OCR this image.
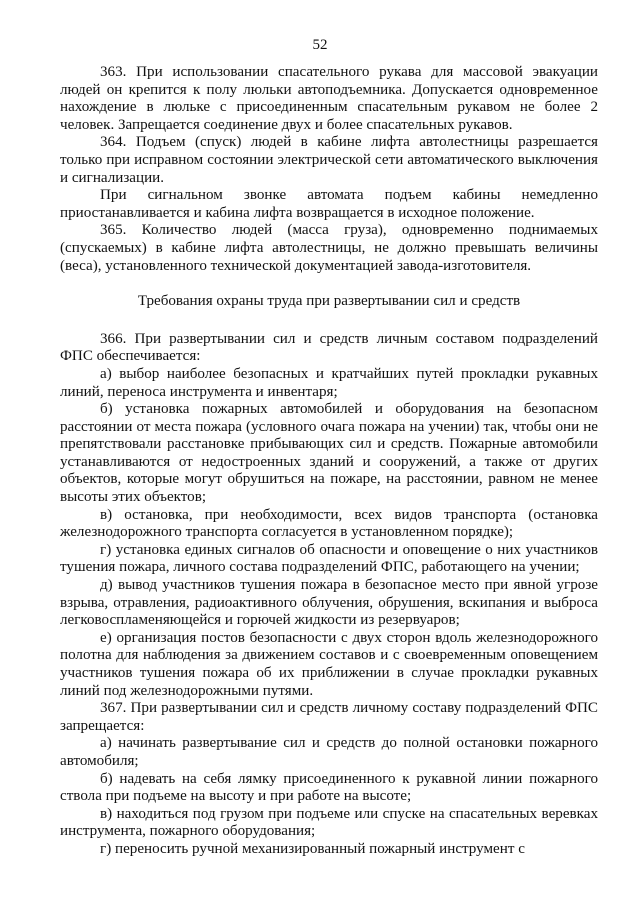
52

363. При использовании спасательного рукава для массовой эвакуации людей он крепится к полу люльки автоподъемника. Допускается одновременное нахождение в люльке с присоединенным спасательным рукавом не более 2 человек. Запрещается соединение двух и более спасательных рукавов.

364. Подъем (спуск) людей в кабине лифта автолестницы разрешается только при исправном состоянии электрической сети автоматического выключения и сигнализации.

При сигнальном звонке автомата подъем кабины немедленно приостанавливается и кабина лифта возвращается в исходное положение.

365. Количество людей (масса груза), одновременно поднимаемых (спускаемых) в кабине лифта автолестницы, не должно превышать величины (веса), установленного технической документацией завода-изготовителя.

Требования охраны труда при развертывании сил и средств

366. При развертывании сил и средств личным составом подразделений ФПС обеспечивается:

а) выбор наиболее безопасных и кратчайших путей прокладки рукавных линий, переноса инструмента и инвентаря;

б) установка пожарных автомобилей и оборудования на безопасном расстоянии от места пожара (условного очага пожара на учении) так, чтобы они не препятствовали расстановке прибывающих сил и средств. Пожарные автомобили устанавливаются от недостроенных зданий и сооружений, а также от других объектов, которые могут обрушиться на пожаре, на расстоянии, равном не менее высоты этих объектов;

в) остановка, при необходимости, всех видов транспорта (остановка железнодорожного транспорта согласуется в установленном порядке);

г) установка единых сигналов об опасности и оповещение о них участников тушения пожара, личного состава подразделений ФПС, работающего на учении;

д) вывод участников тушения пожара в безопасное место при явной угрозе взрыва, отравления, радиоактивного облучения, обрушения, вскипания и выброса легковоспламеняющейся и горючей жидкости из резервуаров;

е) организация постов безопасности с двух сторон вдоль железнодорожного полотна для наблюдения за движением составов и с своевременным оповещением участников тушения пожара об их приближении в случае прокладки рукавных линий под железнодорожными путями.

367. При развертывании сил и средств личному составу подразделений ФПС запрещается:

а) начинать развертывание сил и средств до полной остановки пожарного автомобиля;

б) надевать на себя лямку присоединенного к рукавной линии пожарного ствола при подъеме на высоту и при работе на высоте;

в) находиться под грузом при подъеме или спуске на спасательных веревках инструмента, пожарного оборудования;

г) переносить ручной механизированный пожарный инструмент с
